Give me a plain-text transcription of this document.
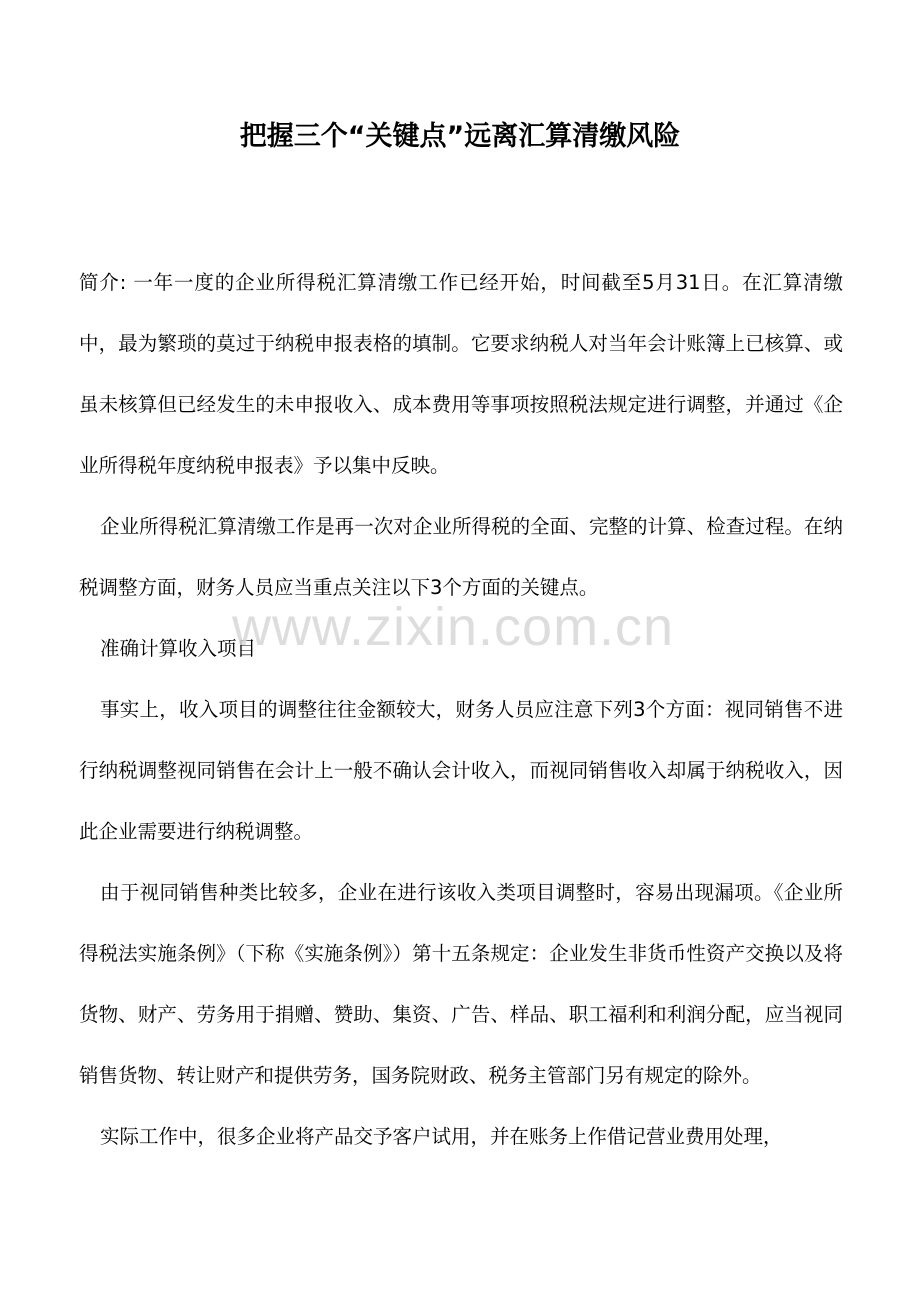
把握三个“关键点”远离汇算清缴风险

简介: 一年一度的企业所得税汇算清缴工作已经开始，时间截至5月31日。在汇算清缴中，最为繁琐的莫过于纳税申报表格的填制。它要求纳税人对当年会计账簿上已核算、或虽未核算但已经发生的未申报收入、成本费用等事项按照税法规定进行调整，并通过《企业所得税年度纳税申报表》予以集中反映。

企业所得税汇算清缴工作是再一次对企业所得税的全面、完整的计算、检查过程。在纳税调整方面，财务人员应当重点关注以下3个方面的关键点。

准确计算收入项目

事实上，收入项目的调整往往金额较大，财务人员应注意下列3个方面：视同销售不进行纳税调整视同销售在会计上一般不确认会计收入，而视同销售收入却属于纳税收入，因此企业需要进行纳税调整。

由于视同销售种类比较多，企业在进行该收入类项目调整时，容易出现漏项。《企业所得税法实施条例》（下称《实施条例》）第十五条规定：企业发生非货币性资产交换以及将货物、财产、劳务用于捐赠、赞助、集资、广告、样品、职工福利和利润分配，应当视同销售货物、转让财产和提供劳务，国务院财政、税务主管部门另有规定的除外。

实际工作中，很多企业将产品交予客户试用，并在账务上作借记营业费用处理，

www.zixin.com.cn
